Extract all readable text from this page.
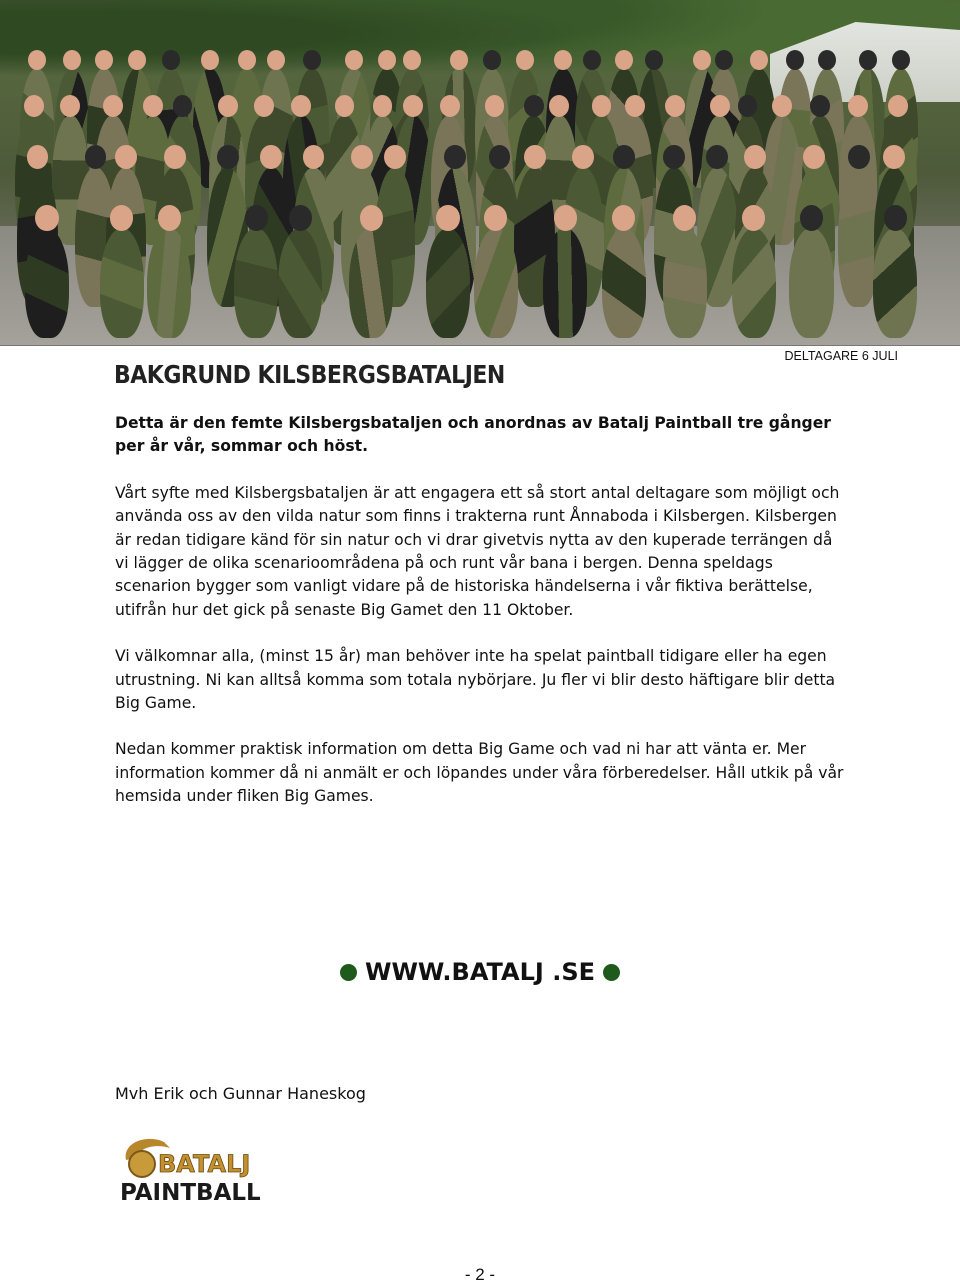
BAKGRUND KILSBERGSBATALJEN
DELTAGARE 6 JULI

Detta är den femte Kilsbergsbataljen och anordnas av Batalj Paintball tre gånger per år vår, sommar och höst.

Vårt syfte med Kilsbergsbataljen är att engagera ett så stort antal deltagare som möjligt och använda oss av den vilda natur som finns i trakterna runt Ånnaboda i Kilsbergen. Kilsbergen är redan tidigare känd för sin natur och vi drar givetvis nytta av den kuperade terrängen då vi lägger de olika scenarioområdena på och runt vår bana i bergen. Denna speldags scenarion bygger som vanligt vidare på de historiska händelserna i vår fiktiva berättelse, utifrån hur det gick på senaste Big Gamet den 11 Oktober.

Vi välkomnar alla, (minst 15 år) man behöver inte ha spelat paintball tidigare eller ha egen utrustning. Ni kan alltså komma som totala nybörjare. Ju fler vi blir desto häftigare blir detta Big Game.

Nedan kommer praktisk information om detta Big Game och vad ni har att vänta er. Mer information kommer då ni anmält er och löpandes under våra förberedelser. Håll utkik på vår hemsida under fliken Big Games.

WWW.BATALJ .SE
Mvh Erik och Gunnar Haneskog
BATALJ
PAINTBALL
- 2 -
